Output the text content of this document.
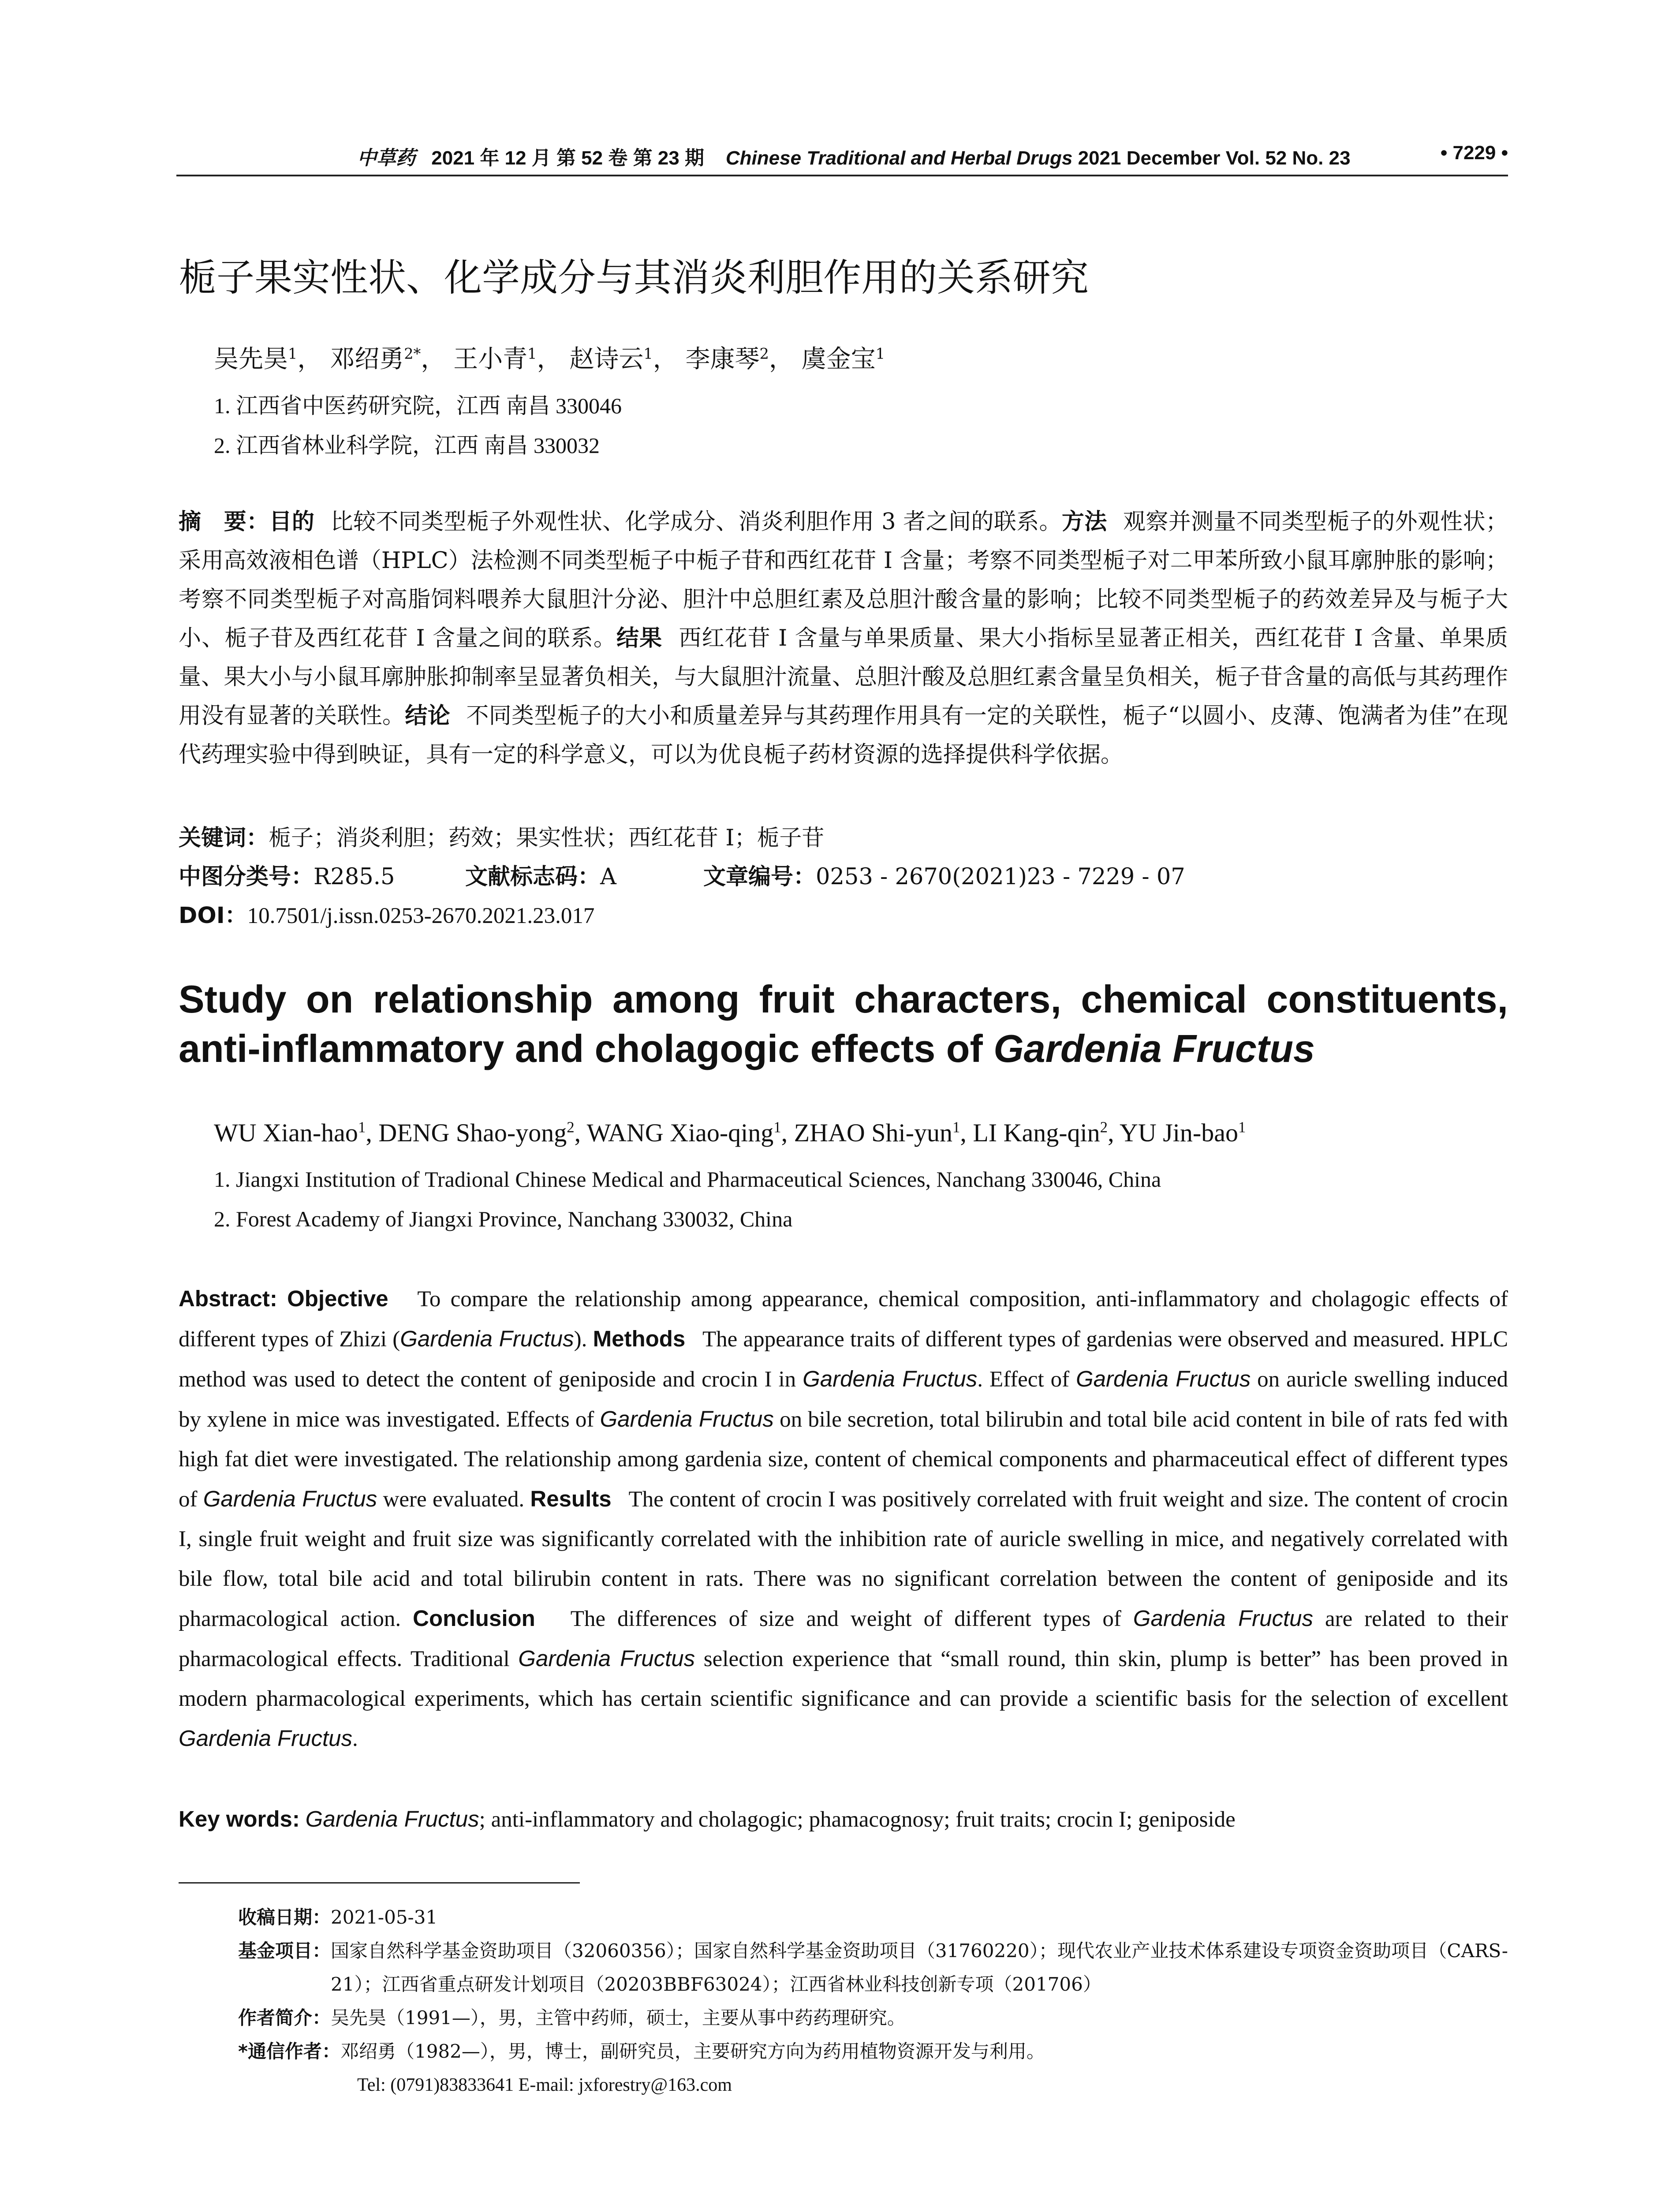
中草药 2021 年 12 月 第 52 卷 第 23 期 Chinese Traditional and Herbal Drugs 2021 December Vol. 52 No. 23	• 7229 •
栀子果实性状、化学成分与其消炎利胆作用的关系研究
吴先昊$^1$， 邓绍勇$^{2*}$， 王小青$^1$， 赵诗云$^1$， 李康琴$^2$， 虞金宝$^1$
1. 江西省中医药研究院，江西 南昌 330046
2. 江西省林业科学院，江西 南昌 330032
摘　要：目的 比较不同类型栀子外观性状、化学成分、消炎利胆作用 3 者之间的联系。方法 观察并测量不同类型栀子的外观性状；采用高效液相色谱（HPLC）法检测不同类型栀子中栀子苷和西红花苷 I 含量；考察不同类型栀子对二甲苯所致小鼠耳廓肿胀的影响；考察不同类型栀子对高脂饲料喂养大鼠胆汁分泌、胆汁中总胆红素及总胆汁酸含量的影响；比较不同类型栀子的药效差异及与栀子大小、栀子苷及西红花苷 I 含量之间的联系。结果 西红花苷 I 含量与单果质量、果大小指标呈显著正相关，西红花苷 I 含量、单果质量、果大小与小鼠耳廓肿胀抑制率呈显著负相关，与大鼠胆汁流量、总胆汁酸及总胆红素含量呈负相关，栀子苷含量的高低与其药理作用没有显著的关联性。结论 不同类型栀子的大小和质量差异与其药理作用具有一定的关联性，栀子“以圆小、皮薄、饱满者为佳”在现代药理实验中得到映证，具有一定的科学意义，可以为优良栀子药材资源的选择提供科学依据。
关键词：栀子；消炎利胆；药效；果实性状；西红花苷 I；栀子苷
中图分类号：R285.5	文献标志码：A	文章编号：0253 - 2670(2021)23 - 7229 - 07
DOI：10.7501/j.issn.0253-2670.2021.23.017
Study on relationship among fruit characters, chemical constituents,
anti-inflammatory and cholagogic effects of Gardenia Fructus
WU Xian-hao$^1$, DENG Shao-yong$^2$, WANG Xiao-qing$^1$, ZHAO Shi-yun$^1$, LI Kang-qin$^2$, YU Jin-bao$^1$
1. Jiangxi Institution of Tradional Chinese Medical and Pharmaceutical Sciences, Nanchang 330046, China
2. Forest Academy of Jiangxi Province, Nanchang 330032, China
Abstract: Objective To compare the relationship among appearance, chemical composition, anti-inflammatory and cholagogic effects of different types of Zhizi (Gardenia Fructus). Methods The appearance traits of different types of gardenias were observed and measured. HPLC method was used to detect the content of geniposide and crocin I in Gardenia Fructus. Effect of Gardenia Fructus on auricle swelling induced by xylene in mice was investigated. Effects of Gardenia Fructus on bile secretion, total bilirubin and total bile acid content in bile of rats fed with high fat diet were investigated. The relationship among gardenia size, content of chemical components and pharmaceutical effect of different types of Gardenia Fructus were evaluated. Results The content of crocin I was positively correlated with fruit weight and size. The content of crocin I, single fruit weight and fruit size was significantly correlated with the inhibition rate of auricle swelling in mice, and negatively correlated with bile flow, total bile acid and total bilirubin content in rats. There was no significant correlation between the content of geniposide and its pharmacological action. Conclusion The differences of size and weight of different types of Gardenia Fructus are related to their pharmacological effects. Traditional Gardenia Fructus selection experience that “small round, thin skin, plump is better” has been proved in modern pharmacological experiments, which has certain scientific significance and can provide a scientific basis for the selection of excellent Gardenia Fructus.
Key words: Gardenia Fructus; anti-inflammatory and cholagogic; phamacognosy; fruit traits; crocin I; geniposide
收稿日期： 2021-05-31
基金项目： 国家自然科学基金资助项目（32060356）；国家自然科学基金资助项目（31760220）；现代农业产业技术体系建设专项资金资助项目（CARS-21）；江西省重点研发计划项目（20203BBF63024）；江西省林业科技创新专项（201706）
作者简介： 吴先昊（1991—），男，主管中药师，硕士，主要从事中药药理研究。
*通信作者： 邓绍勇（1982—），男，博士，副研究员，主要研究方向为药用植物资源开发与利用。
Tel: (0791)83833641 E-mail: jxforestry@163.com
